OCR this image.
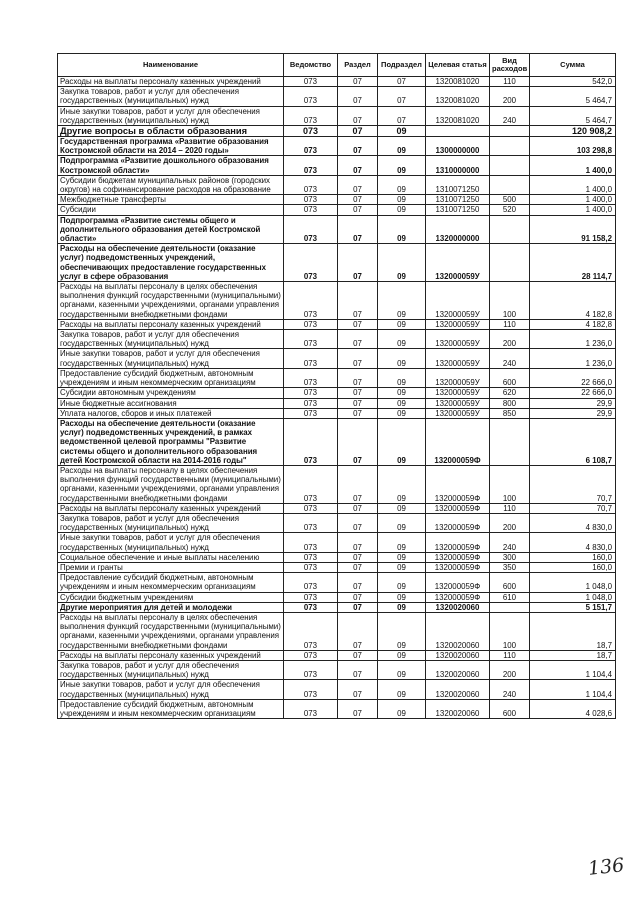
Наименование	Ведомство	Раздел	Подраздел	Целевая статья	Вид расходов	Сумма
Расходы на выплаты персоналу казенных учреждений	073	07	07	1320081020	110	542,0
Закупка товаров, работ и услуг для обеспечения государственных (муниципальных) нужд	073	07	07	1320081020	200	5 464,7
Иные закупки товаров, работ и услуг для обеспечения государственных (муниципальных) нужд	073	07	07	1320081020	240	5 464,7
Другие вопросы в области образования	073	07	09			120 908,2
Государственная программа «Развитие образования Костромской области на 2014 – 2020 годы»	073	07	09	1300000000		103 298,8
Подпрограмма «Развитие дошкольного образования Костромской области»	073	07	09	1310000000		1 400,0
Субсидии бюджетам муниципальных районов (городских округов) на софинансирование расходов на образование	073	07	09	1310071250		1 400,0
Межбюджетные трансферты	073	07	09	1310071250	500	1 400,0
Субсидии	073	07	09	1310071250	520	1 400,0
Подпрограмма «Развитие системы общего и дополнительного образования детей Костромской области»	073	07	09	1320000000		91 158,2
Расходы на обеспечение деятельности (оказание услуг) подведомственных учреждений, обеспечивающих предоставление государственных услуг в сфере образования	073	07	09	132000059У		28 114,7
Расходы на выплаты персоналу в целях обеспечения выполнения функций государственными (муниципальными) органами, казенными учреждениями, органами управления государственными внебюджетными фондами	073	07	09	132000059У	100	4 182,8
Расходы на выплаты персоналу казенных учреждений	073	07	09	132000059У	110	4 182,8
Закупка товаров, работ и услуг для обеспечения государственных (муниципальных) нужд	073	07	09	132000059У	200	1 236,0
Иные закупки товаров, работ и услуг для обеспечения государственных (муниципальных) нужд	073	07	09	132000059У	240	1 236,0
Предоставление субсидий бюджетным, автономным учреждениям и иным некоммерческим организациям	073	07	09	132000059У	600	22 666,0
Субсидии автономным учреждениям	073	07	09	132000059У	620	22 666,0
Иные бюджетные ассигнования	073	07	09	132000059У	800	29,9
Уплата налогов, сборов и иных платежей	073	07	09	132000059У	850	29,9
Расходы на обеспечение деятельности (оказание услуг) подведомственных учреждений, в рамках ведомственной целевой программы "Развитие системы общего и дополнительного образования детей Костромской области на 2014-2016 годы"	073	07	09	132000059Ф		6 108,7
Расходы на выплаты персоналу в целях обеспечения выполнения функций государственными (муниципальными) органами, казенными учреждениями, органами управления государственными внебюджетными фондами	073	07	09	132000059Ф	100	70,7
Расходы на выплаты персоналу казенных учреждений	073	07	09	132000059Ф	110	70,7
Закупка товаров, работ и услуг для обеспечения государственных (муниципальных) нужд	073	07	09	132000059Ф	200	4 830,0
Иные закупки товаров, работ и услуг для обеспечения государственных (муниципальных) нужд	073	07	09	132000059Ф	240	4 830,0
Социальное обеспечение и иные выплаты населению	073	07	09	132000059Ф	300	160,0
Премии и гранты	073	07	09	132000059Ф	350	160,0
Предоставление субсидий бюджетным, автономным учреждениям и иным некоммерческим организациям	073	07	09	132000059Ф	600	1 048,0
Субсидии бюджетным учреждениям	073	07	09	132000059Ф	610	1 048,0
Другие мероприятия для детей и молодежи	073	07	09	1320020060		5 151,7
Расходы на выплаты персоналу в целях обеспечения выполнения функций государственными (муниципальными) органами, казенными учреждениями, органами управления государственными внебюджетными фондами	073	07	09	1320020060	100	18,7
Расходы на выплаты персоналу казенных учреждений	073	07	09	1320020060	110	18,7
Закупка товаров, работ и услуг для обеспечения государственных (муниципальных) нужд	073	07	09	1320020060	200	1 104,4
Иные закупки товаров, работ и услуг для обеспечения государственных (муниципальных) нужд	073	07	09	1320020060	240	1 104,4
Предоставление субсидий бюджетным, автономным учреждениям и иным некоммерческим организациям	073	07	09	1320020060	600	4 028,6
136
